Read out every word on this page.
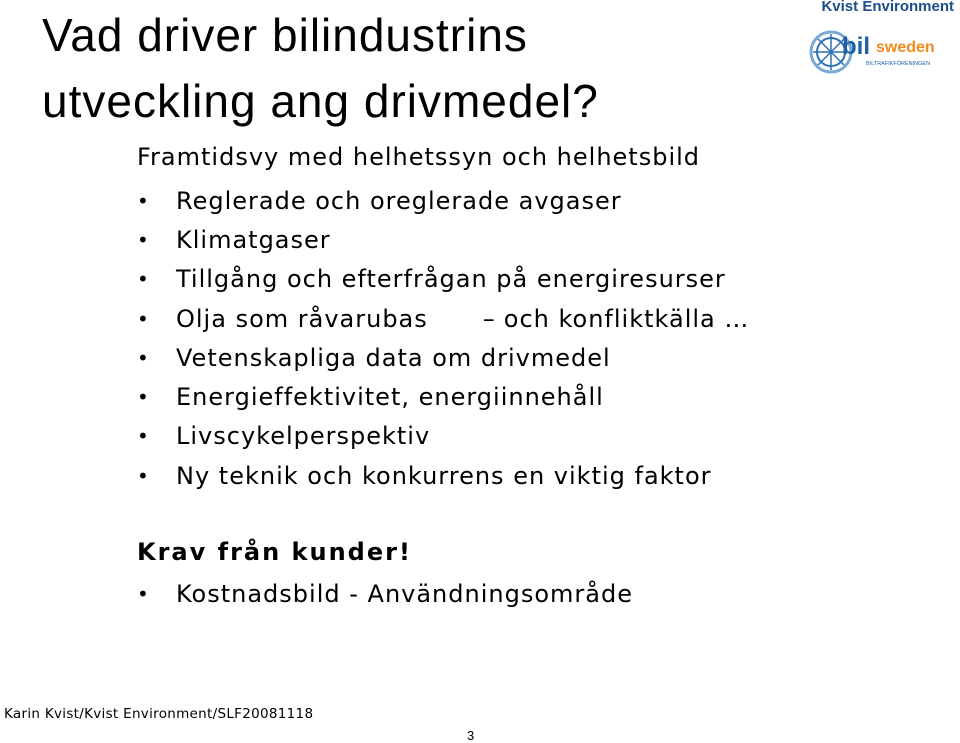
Vad driver bilindustrins
utveckling ang drivmedel?
Kvist Environment
bil sweden
BILTRAFIKFÖRENINGEN
Framtidsvy med helhetssyn och helhetsbild
•	Reglerade och oreglerade avgaser
•	Klimatgaser
•	Tillgång och efterfrågan på energiresurser
•	Olja som råvarubas	– och konfliktkälla …
•	Vetenskapliga data om drivmedel
•	Energieffektivitet, energiinnehåll
•	Livscykelperspektiv
•	Ny teknik och konkurrens en viktig faktor
Krav från kunder!
•	Kostnadsbild - Användningsområde
Karin Kvist/Kvist Environment/SLF20081118
3
